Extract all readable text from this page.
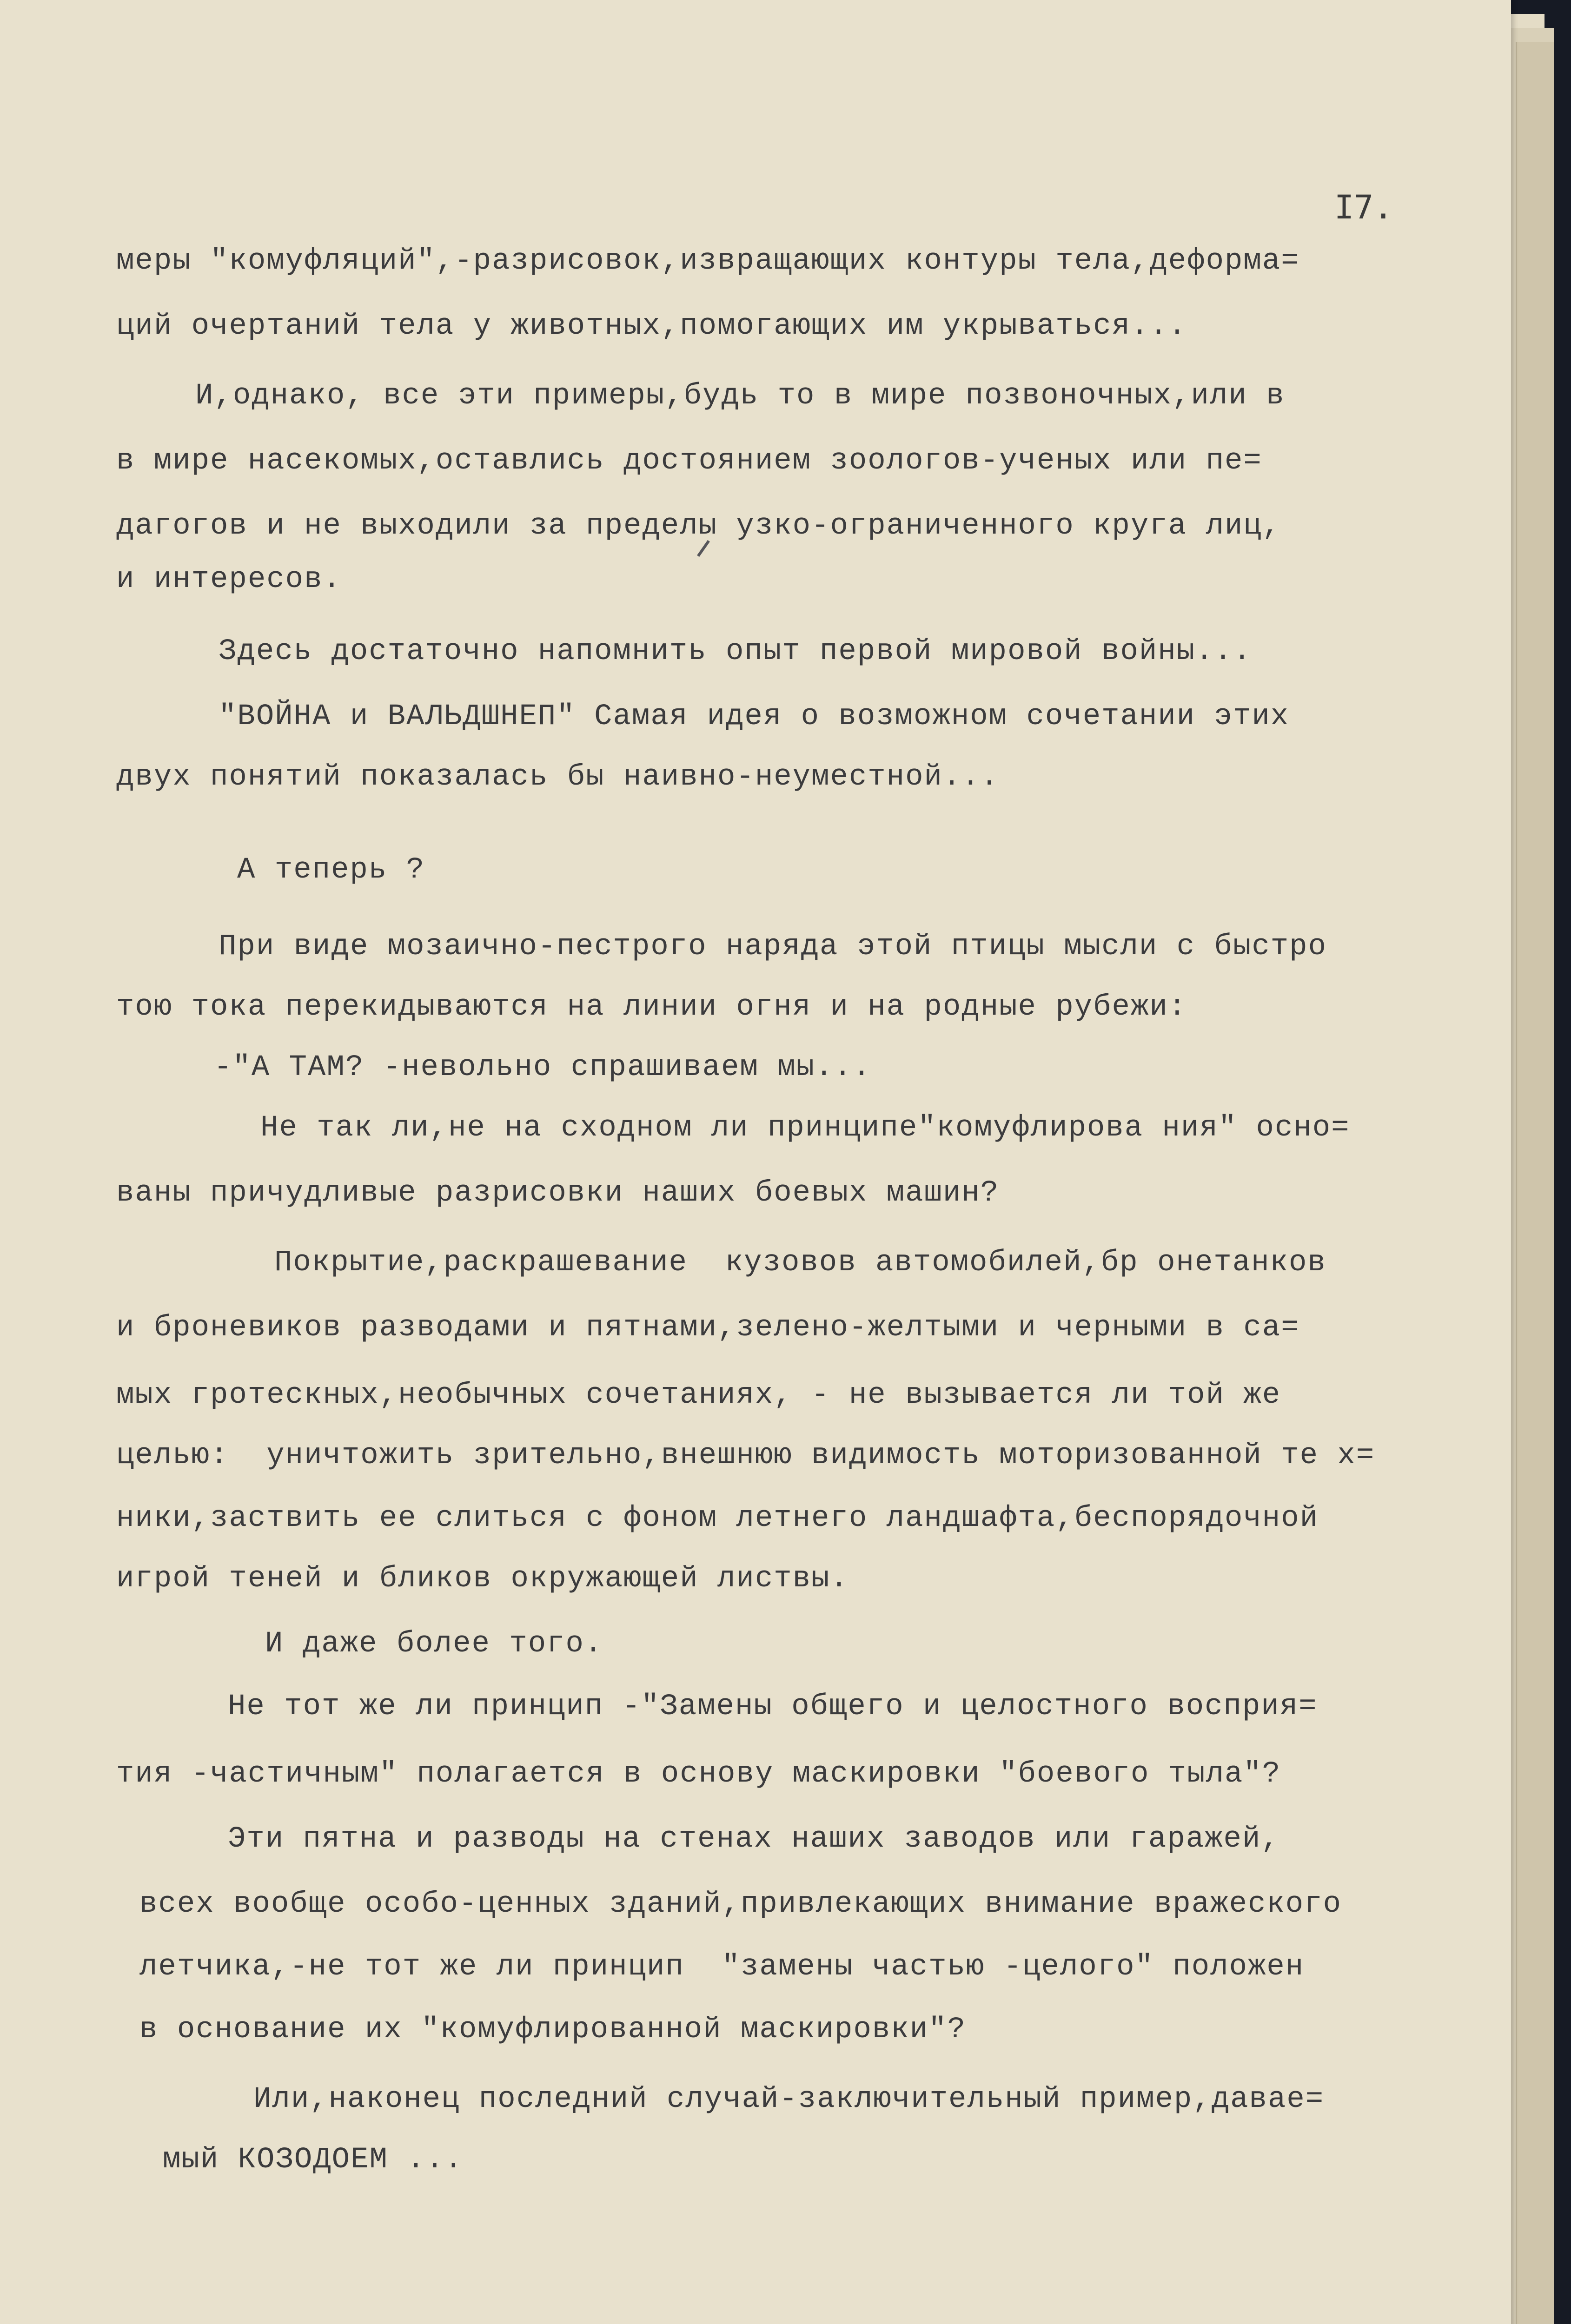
I7.
меры "комуфляций",-разрисовок,извращающих контуры тела,деформа=
ций очертаний тела у животных,помогающих им укрываться...
И,однако, все эти примеры,будь то в мире позвоночных,или в
в мире насекомых,оставлись достоянием зоологов-ученых или пе=
дагогов и не выходили за пределы узко-ограниченного круга лиц,
и интересов.
Здесь достаточно напомнить опыт первой мировой войны...
"ВОЙНА и ВАЛЬДШНЕП" Самая идея о возможном сочетании этих
двух понятий показалась бы наивно-неуместной...
А теперь ?
При виде мозаично-пестрого наряда этой птицы мысли с быстро
тою тока перекидываются на линии огня и на родные рубежи:
-"А ТАМ? -невольно спрашиваем мы...
Не так ли,не на сходном ли принципе"комуфлирова ния" осно=
ваны причудливые разрисовки наших боевых машин?
Покрытие,раскрашевание  кузовов автомобилей,бр онетанков
и броневиков разводами и пятнами,зелено-желтыми и черными в са=
мых гротескных,необычных сочетаниях, - не вызывается ли той же
целью:  уничтожить зрительно,внешнюю видимость моторизованной те х=
ники,заствить ее слиться с фоном летнего ландшафта,беспорядочной
игрой теней и бликов окружающей листвы.
И даже более того.
Не тот же ли принцип -"Замены общего и целостного восприя=
тия -частичным" полагается в основу маскировки "боевого тыла"?
Эти пятна и разводы на стенах наших заводов или гаражей,
всех вообще особо-ценных зданий,привлекающих внимание вражеского
летчика,-не тот же ли принцип  "замены частью -целого" положен
в основание их "комуфлированной маскировки"?
Или,наконец последний случай-заключительный пример,давае=
мый КОЗОДОЕМ ...
